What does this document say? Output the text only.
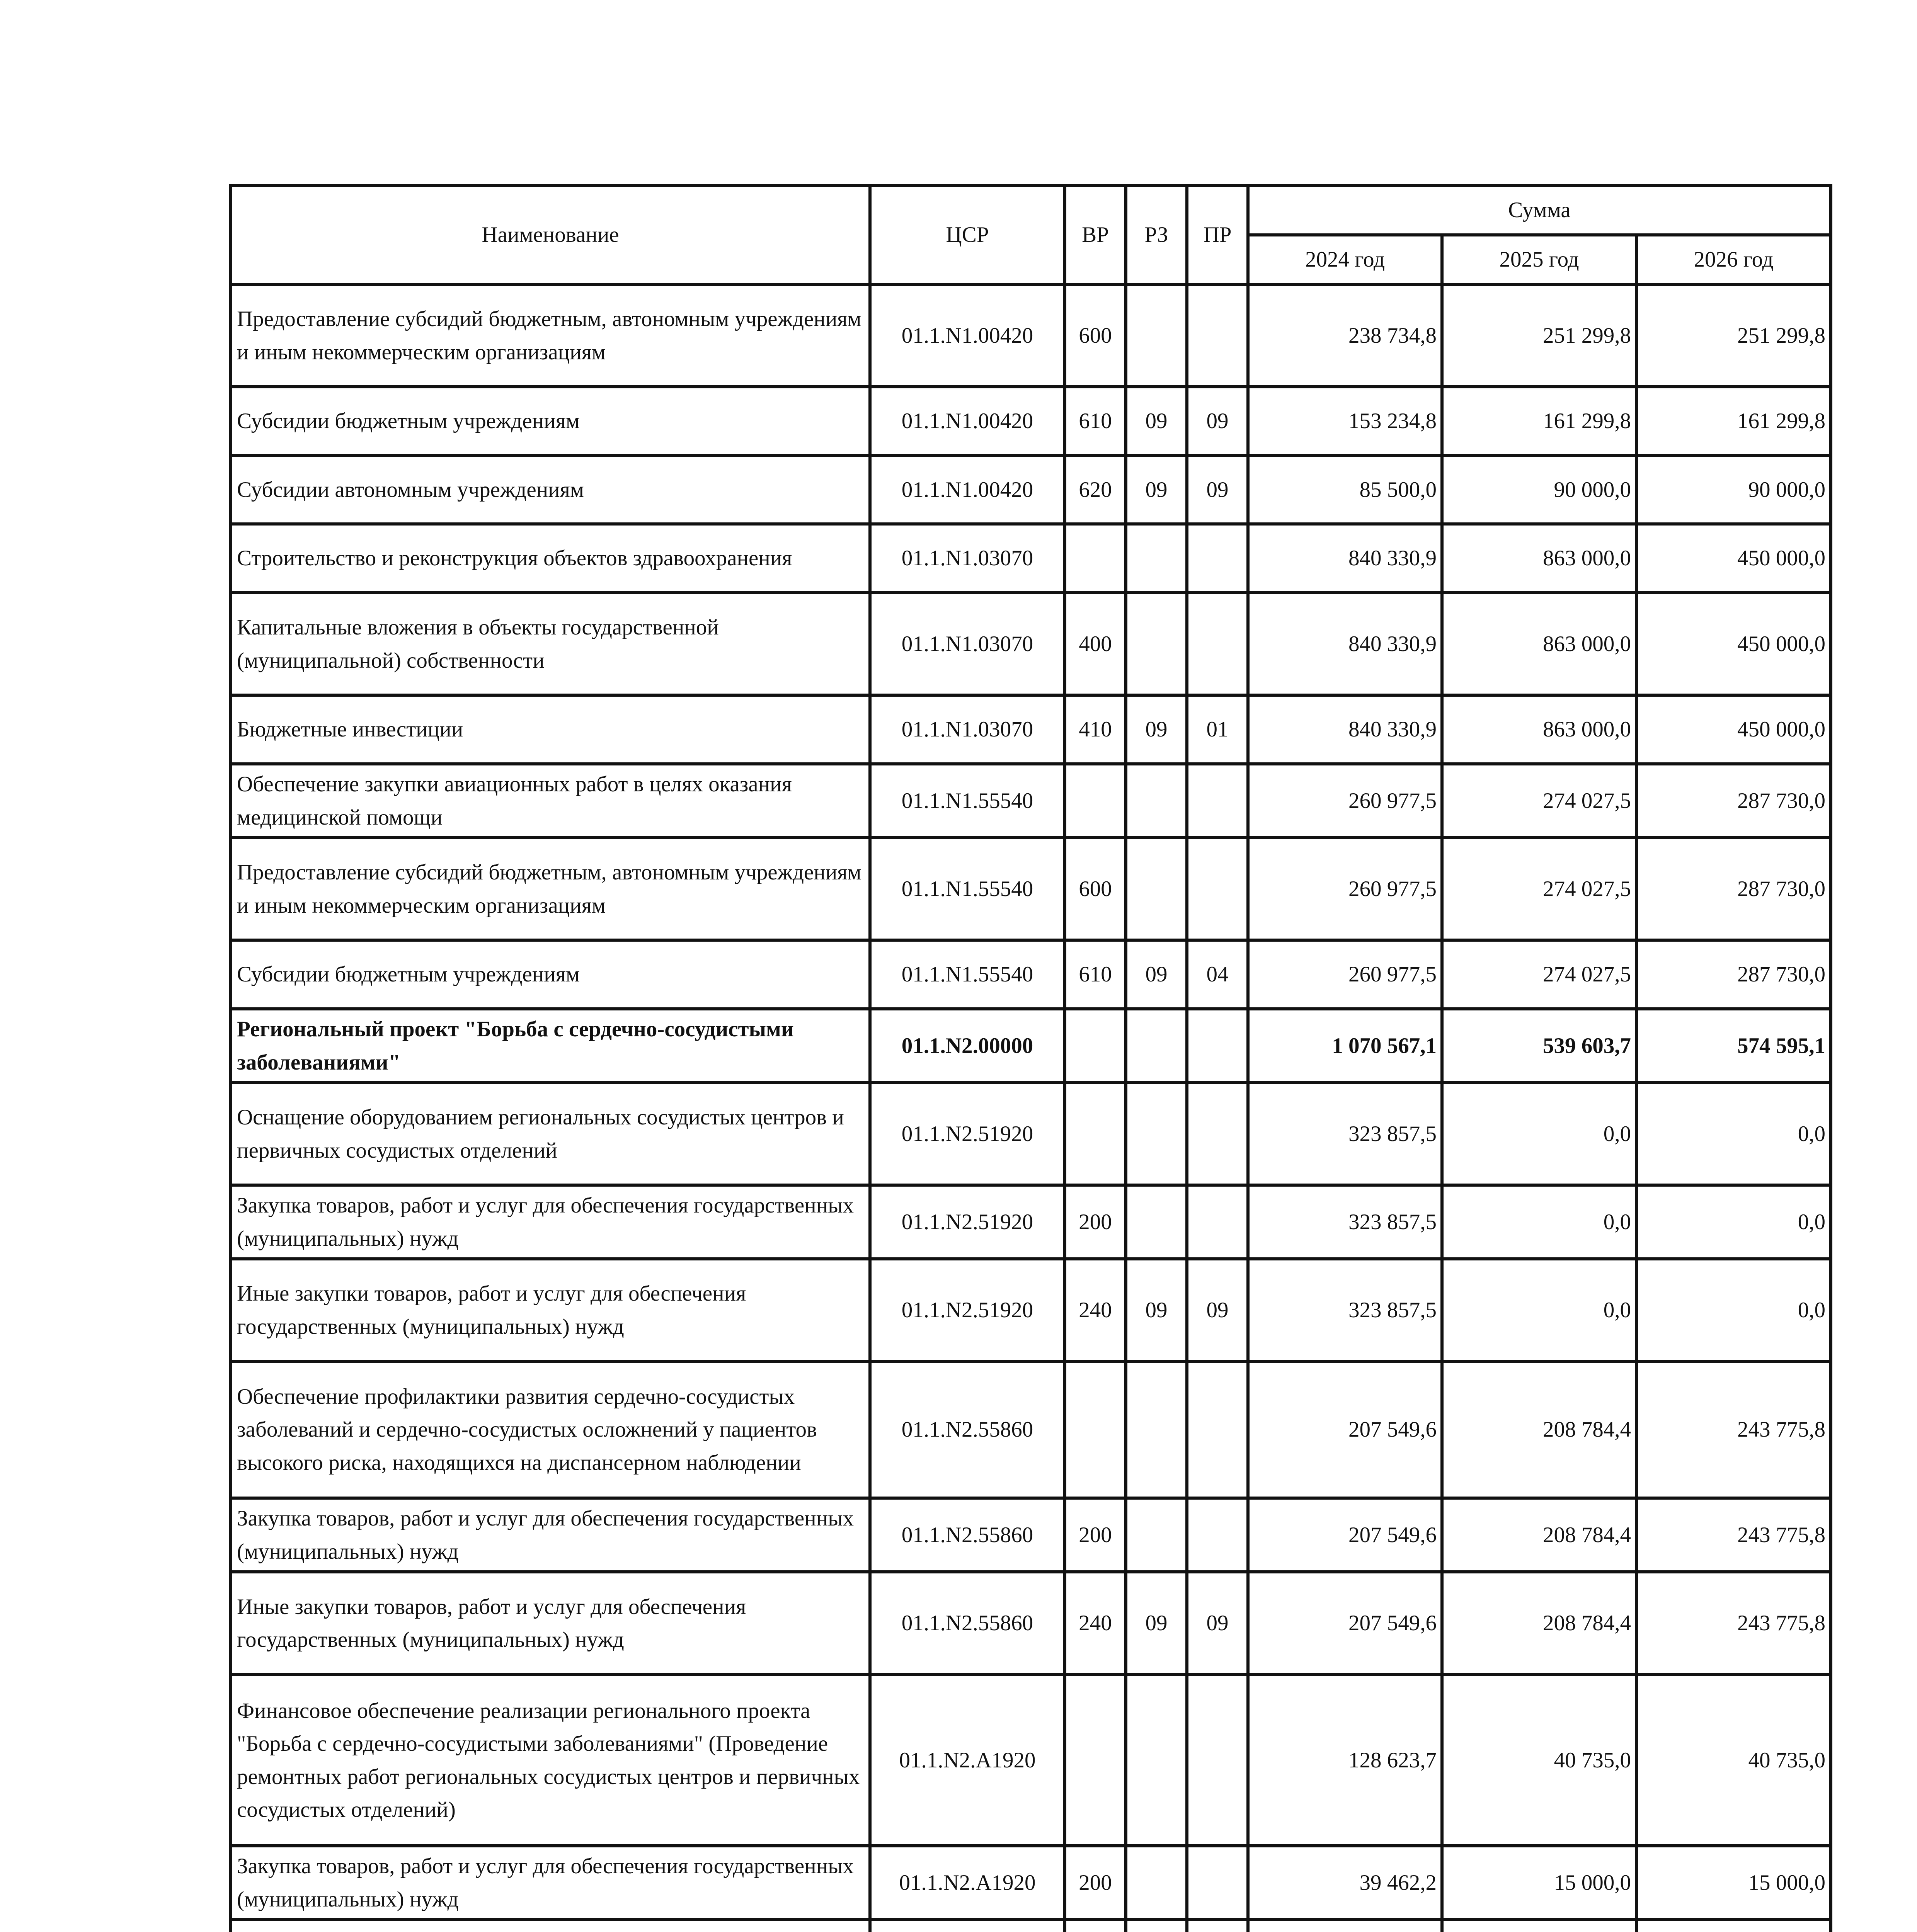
Наименование	ЦСР	ВР	РЗ	ПР	Сумма		
					2024 год	2025 год	2026 год
Предоставление субсидий бюджетным, автономным учреждениям и иным некоммерческим организациям	01.1.N1.00420	600			238 734,8	251 299,8	251 299,8
Субсидии бюджетным учреждениям	01.1.N1.00420	610	09	09	153 234,8	161 299,8	161 299,8
Субсидии автономным учреждениям	01.1.N1.00420	620	09	09	85 500,0	90 000,0	90 000,0
Строительство и реконструкция объектов здравоохранения	01.1.N1.03070				840 330,9	863 000,0	450 000,0
Капитальные вложения в объекты государственной (муниципальной) собственности	01.1.N1.03070	400			840 330,9	863 000,0	450 000,0
Бюджетные инвестиции	01.1.N1.03070	410	09	01	840 330,9	863 000,0	450 000,0
Обеспечение закупки авиационных работ в целях оказания медицинской помощи	01.1.N1.55540				260 977,5	274 027,5	287 730,0
Предоставление субсидий бюджетным, автономным учреждениям и иным некоммерческим организациям	01.1.N1.55540	600			260 977,5	274 027,5	287 730,0
Субсидии бюджетным учреждениям	01.1.N1.55540	610	09	04	260 977,5	274 027,5	287 730,0
Региональный проект "Борьба с сердечно-сосудистыми заболеваниями"	01.1.N2.00000				1 070 567,1	539 603,7	574 595,1
Оснащение оборудованием региональных сосудистых центров и первичных сосудистых отделений	01.1.N2.51920				323 857,5	0,0	0,0
Закупка товаров, работ и услуг для обеспечения государственных (муниципальных) нужд	01.1.N2.51920	200			323 857,5	0,0	0,0
Иные закупки товаров, работ и услуг для обеспечения государственных (муниципальных) нужд	01.1.N2.51920	240	09	09	323 857,5	0,0	0,0
Обеспечение профилактики развития сердечно-сосудистых заболеваний и сердечно-сосудистых осложнений у пациентов высокого риска, находящихся на диспансерном наблюдении	01.1.N2.55860				207 549,6	208 784,4	243 775,8
Закупка товаров, работ и услуг для обеспечения государственных (муниципальных) нужд	01.1.N2.55860	200			207 549,6	208 784,4	243 775,8
Иные закупки товаров, работ и услуг для обеспечения государственных (муниципальных) нужд	01.1.N2.55860	240	09	09	207 549,6	208 784,4	243 775,8
Финансовое обеспечение реализации регионального проекта "Борьба с сердечно-сосудистыми заболеваниями" (Проведение ремонтных работ региональных сосудистых центров и первичных сосудистых отделений)	01.1.N2.А1920				128 623,7	40 735,0	40 735,0
Закупка товаров, работ и услуг для обеспечения государственных (муниципальных) нужд	01.1.N2.А1920	200			39 462,2	15 000,0	15 000,0
